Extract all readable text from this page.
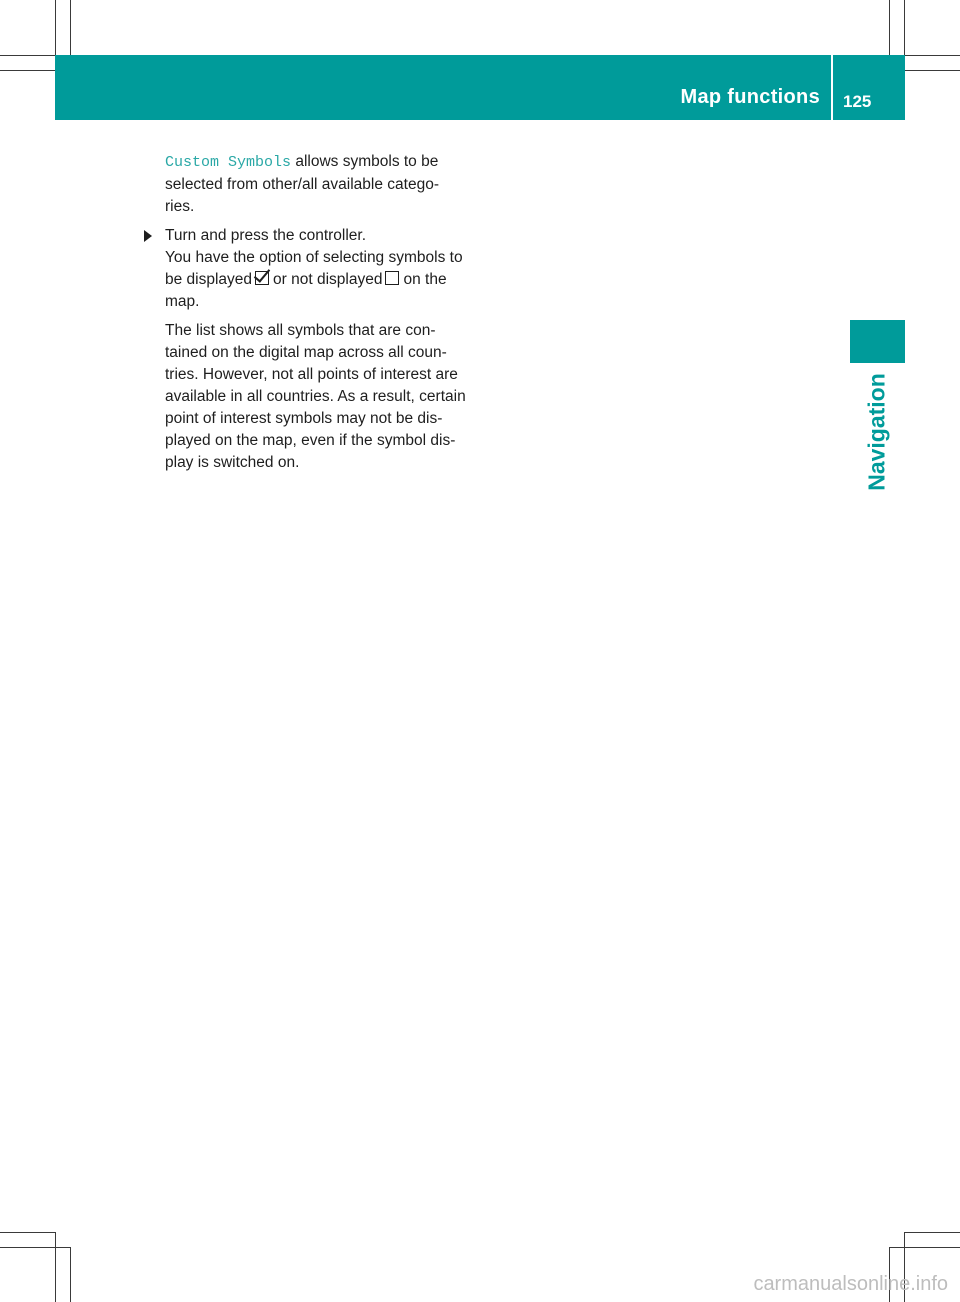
Map functions 125
Navigation
Custom Symbols allows symbols to be
selected from other/all available catego-
ries.
Turn and press the controller.
You have the option of selecting symbols to
be displayed or not displayed on the
map.
The list shows all symbols that are con-
tained on the digital map across all coun-
tries. However, not all points of interest are
available in all countries. As a result, certain
point of interest symbols may not be dis-
played on the map, even if the symbol dis-
play is switched on.
carmanualsonline.info
